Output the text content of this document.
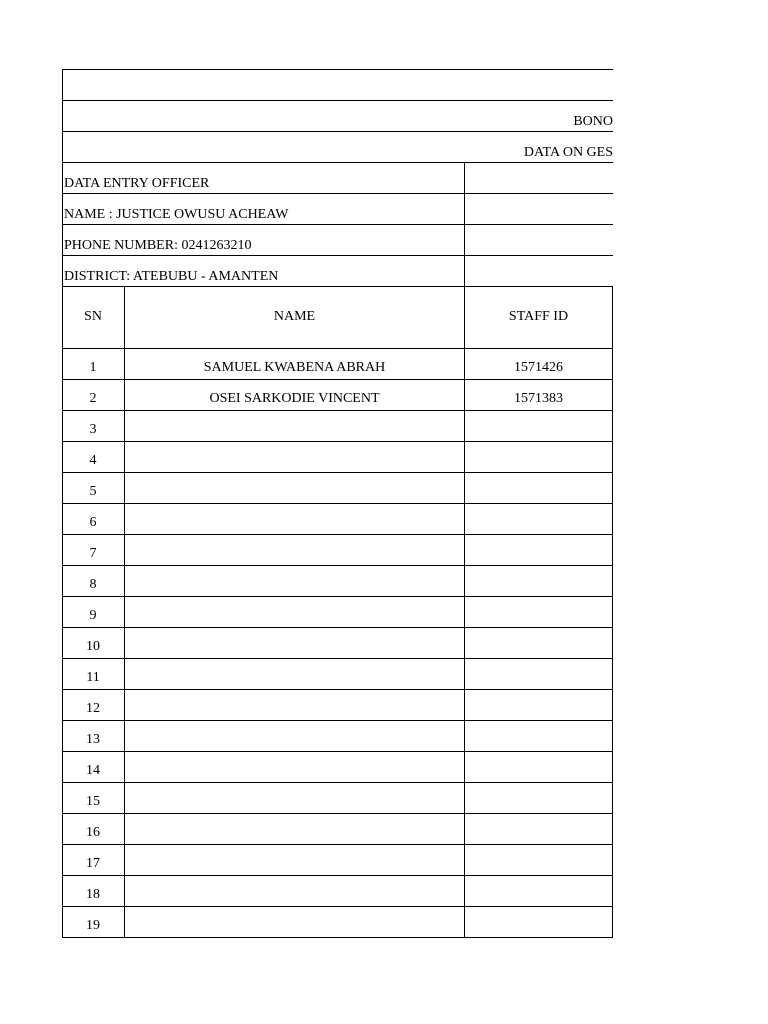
BONO
DATA ON GES
DATA ENTRY OFFICER
NAME : JUSTICE OWUSU ACHEAW
PHONE NUMBER: 0241263210
DISTRICT: ATEBUBU - AMANTEN
SN	NAME	STAFF ID
1	SAMUEL KWABENA ABRAH	1571426
2	OSEI SARKODIE VINCENT	1571383
3
4
5
6
7
8
9
10
11
12
13
14
15
16
17
18
19
